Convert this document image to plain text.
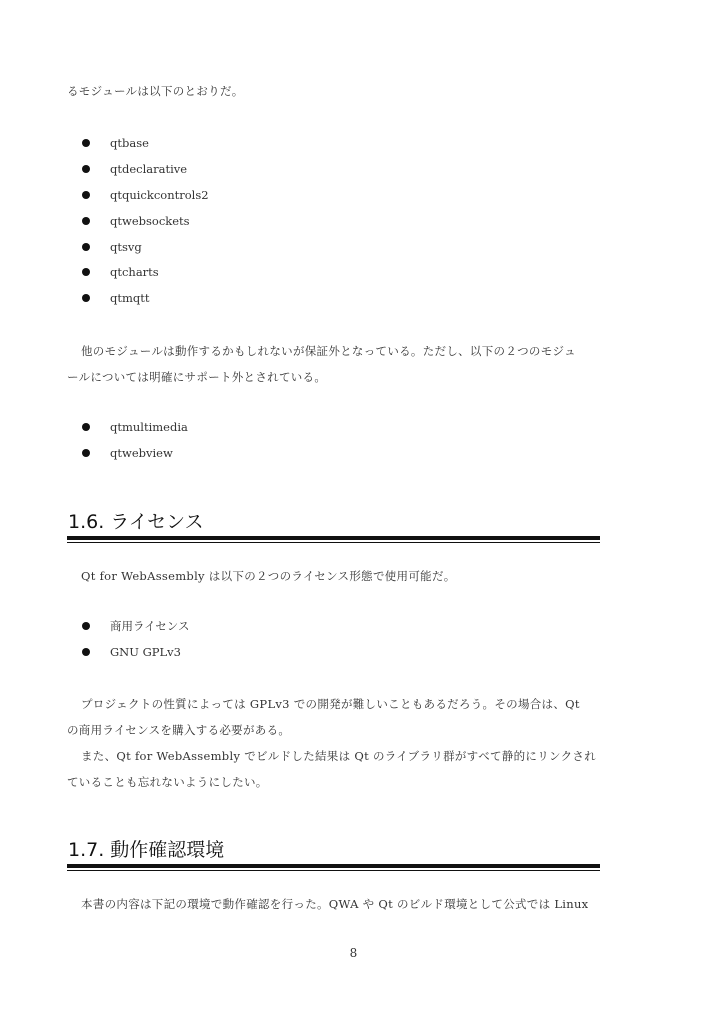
るモジュールは以下のとおりだ。
qtbase
qtdeclarative
qtquickcontrols2
qtwebsockets
qtsvg
qtcharts
qtmqtt
他のモジュールは動作するかもしれないが保証外となっている。ただし、以下の２つのモジュ
ールについては明確にサポート外とされている。
qtmultimedia
qtwebview
1.6. ライセンス
Qt for WebAssembly は以下の２つのライセンス形態で使用可能だ。
商用ライセンス
GNU GPLv3
プロジェクトの性質によっては GPLv3 での開発が難しいこともあるだろう。その場合は、Qt
の商用ライセンスを購入する必要がある。
また、Qt for WebAssembly でビルドした結果は Qt のライブラリ群がすべて静的にリンクされ
ていることも忘れないようにしたい。
1.7. 動作確認環境
本書の内容は下記の環境で動作確認を行った。QWA や Qt のビルド環境として公式では Linux
8
